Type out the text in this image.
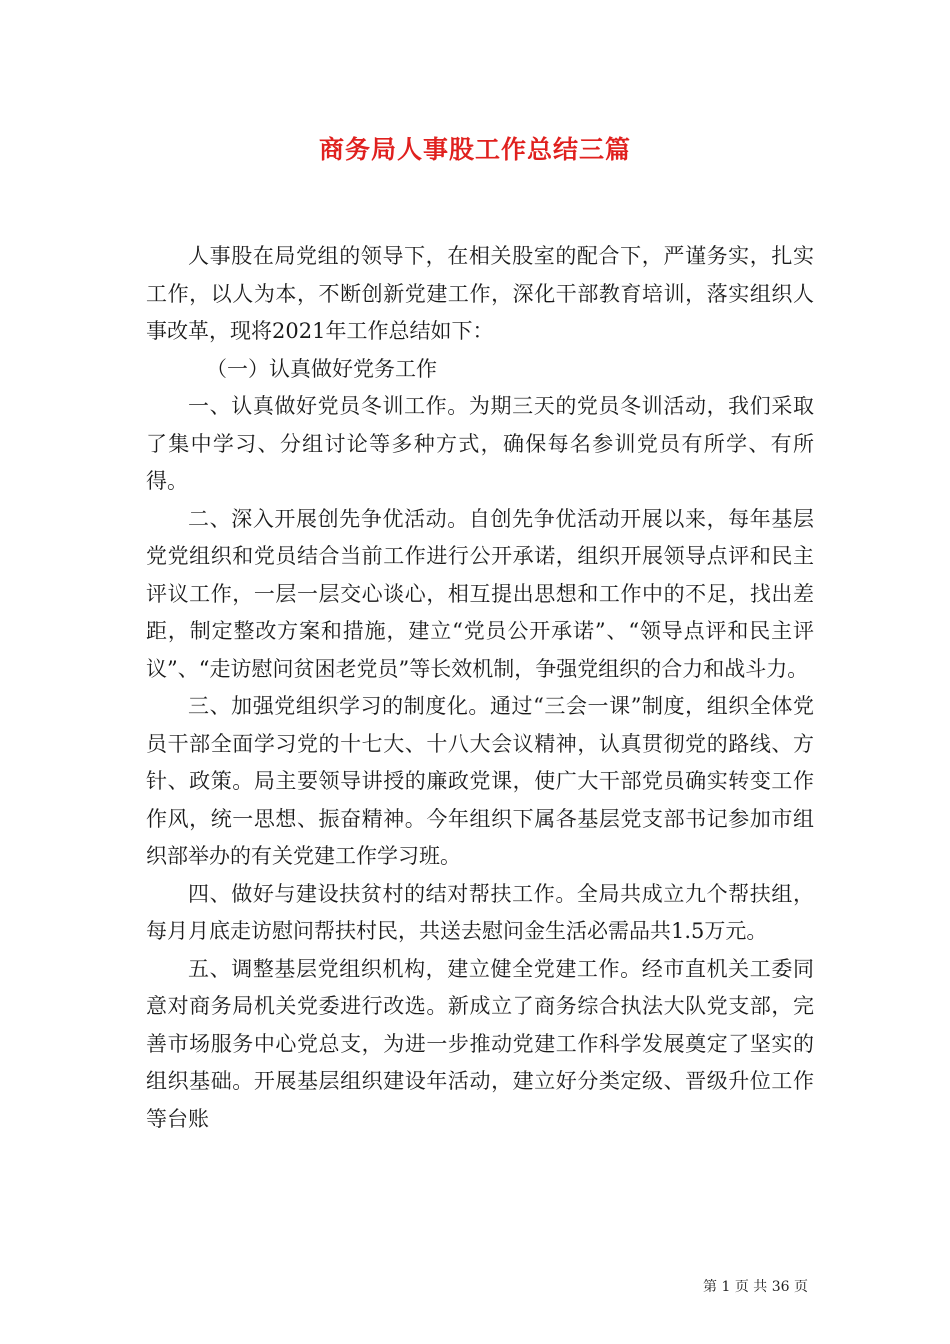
商务局人事股工作总结三篇

人事股在局党组的领导下，在相关股室的配合下，严谨务实，扎实工作，以人为本，不断创新党建工作，深化干部教育培训，落实组织人事改革，现将2021年工作总结如下：

（一）认真做好党务工作

一、认真做好党员冬训工作。为期三天的党员冬训活动，我们采取了集中学习、分组讨论等多种方式，确保每名参训党员有所学、有所得。

二、深入开展创先争优活动。自创先争优活动开展以来，每年基层党党组织和党员结合当前工作进行公开承诺，组织开展领导点评和民主评议工作，一层一层交心谈心，相互提出思想和工作中的不足，找出差距，制定整改方案和措施，建立“党员公开承诺”、“领导点评和民主评议”、“走访慰问贫困老党员”等长效机制，争强党组织的合力和战斗力。

三、加强党组织学习的制度化。通过“三会一课”制度，组织全体党员干部全面学习党的十七大、十八大会议精神，认真贯彻党的路线、方针、政策。局主要领导讲授的廉政党课，使广大干部党员确实转变工作作风，统一思想、振奋精神。今年组织下属各基层党支部书记参加市组织部举办的有关党建工作学习班。

四、做好与建设扶贫村的结对帮扶工作。全局共成立九个帮扶组，每月月底走访慰问帮扶村民，共送去慰问金生活必需品共1.5万元。

五、调整基层党组织机构，建立健全党建工作。经市直机关工委同意对商务局机关党委进行改选。新成立了商务综合执法大队党支部，完善市场服务中心党总支，为进一步推动党建工作科学发展奠定了坚实的组织基础。开展基层组织建设年活动，建立好分类定级、晋级升位工作等台账

第 1 页 共 36 页
